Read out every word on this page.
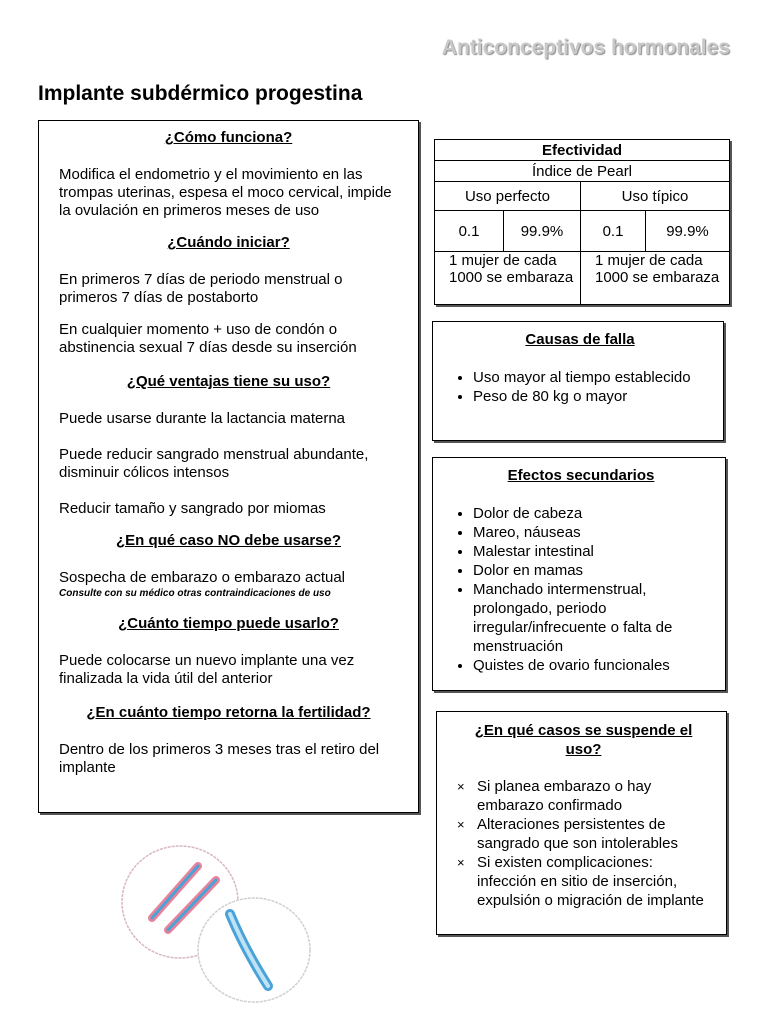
Anticonceptivos hormonales
Implante subdérmico progestina
¿Cómo funciona?
Modifica el endometrio y el movimiento en las trompas uterinas, espesa el moco cervical, impide la ovulación en primeros meses de uso
¿Cuándo iniciar?
En primeros 7 días de periodo menstrual o primeros 7 días de postaborto
En cualquier momento + uso de condón o abstinencia sexual 7 días desde su inserción
¿Qué ventajas tiene su uso?
Puede usarse durante la lactancia materna
Puede reducir sangrado menstrual abundante, disminuir cólicos intensos
Reducir tamaño y sangrado por miomas
¿En qué caso NO debe usarse?
Sospecha de embarazo o embarazo actual
Consulte con su médico otras contraindicaciones de uso
¿Cuánto tiempo puede usarlo?
Puede colocarse un nuevo implante una vez finalizada la vida útil del anterior
¿En cuánto tiempo retorna la fertilidad?
Dentro de los primeros 3 meses tras el retiro del implante
Efectividad			
Índice de Pearl			
Uso perfecto		Uso típico	
0.1	99.9%	0.1	99.9%
1 mujer de cada 1000 se embaraza		1 mujer de cada 1000 se embaraza	
Causas de falla
• Uso mayor al tiempo establecido
• Peso de 80 kg o mayor
Efectos secundarios
• Dolor de cabeza
• Mareo, náuseas
• Malestar intestinal
• Dolor en mamas
• Manchado intermenstrual, prolongado, periodo irregular/infrecuente o falta de menstruación
• Quistes de ovario funcionales
¿En qué casos se suspende el uso?
× Si planea embarazo o hay embarazo confirmado
× Alteraciones persistentes de sangrado que son intolerables
× Si existen complicaciones: infección en sitio de inserción, expulsión o migración de implante
